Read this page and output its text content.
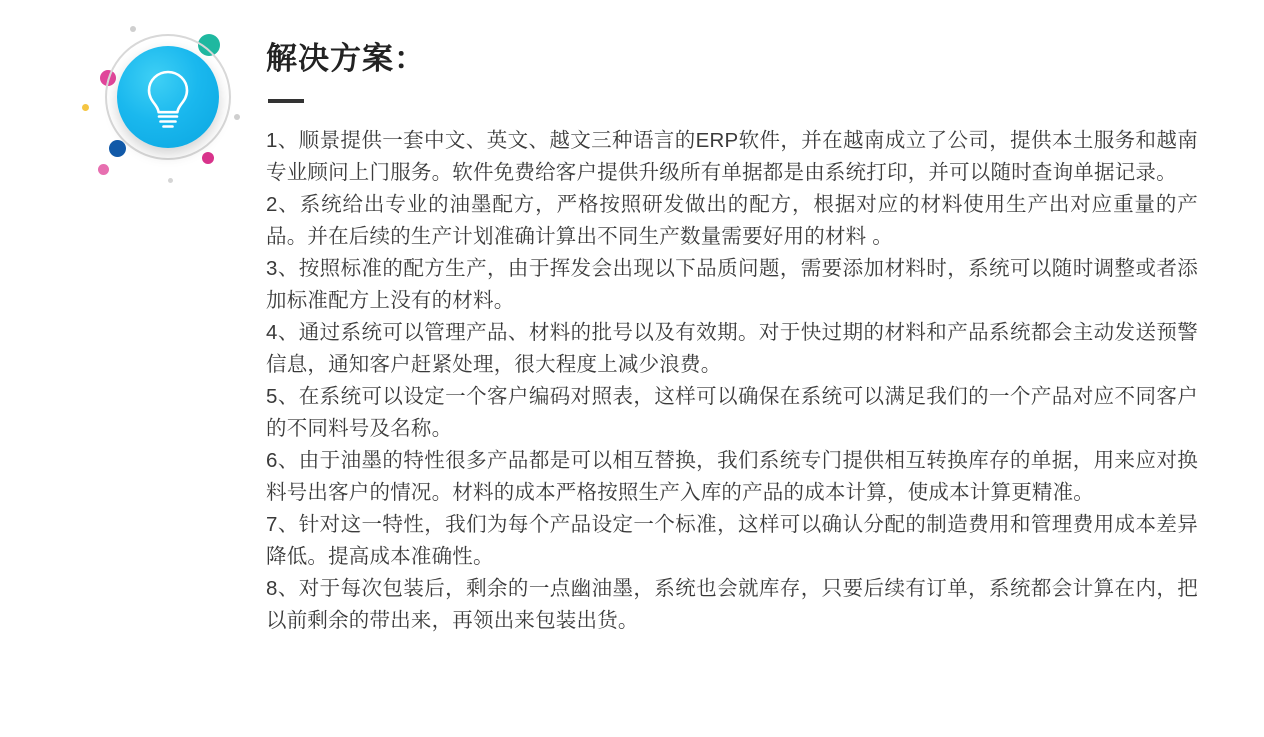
解决方案：

1、顺景提供一套中文、英文、越文三种语言的ERP软件，并在越南成立了公司，提供本土服务和越南专业顾问上门服务。软件免费给客户提供升级所有单据都是由系统打印，并可以随时查询单据记录。

2、系统给出专业的油墨配方，严格按照研发做出的配方，根据对应的材料使用生产出对应重量的产品。并在后续的生产计划准确计算出不同生产数量需要好用的材料 。

3、按照标准的配方生产，由于挥发会出现以下品质问题，需要添加材料时，系统可以随时调整或者添加标准配方上没有的材料。

4、通过系统可以管理产品、材料的批号以及有效期。对于快过期的材料和产品系统都会主动发送预警信息，通知客户赶紧处理，很大程度上减少浪费。

5、在系统可以设定一个客户编码对照表，这样可以确保在系统可以满足我们的一个产品对应不同客户的不同料号及名称。

6、由于油墨的特性很多产品都是可以相互替换，我们系统专门提供相互转换库存的单据，用来应对换料号出客户的情况。材料的成本严格按照生产入库的产品的成本计算，使成本计算更精准。

7、针对这一特性，我们为每个产品设定一个标准，这样可以确认分配的制造费用和管理费用成本差异降低。提高成本准确性。

8、对于每次包装后，剩余的一点幽油墨，系统也会就库存，只要后续有订单，系统都会计算在内，把以前剩余的带出来，再领出来包装出货。
